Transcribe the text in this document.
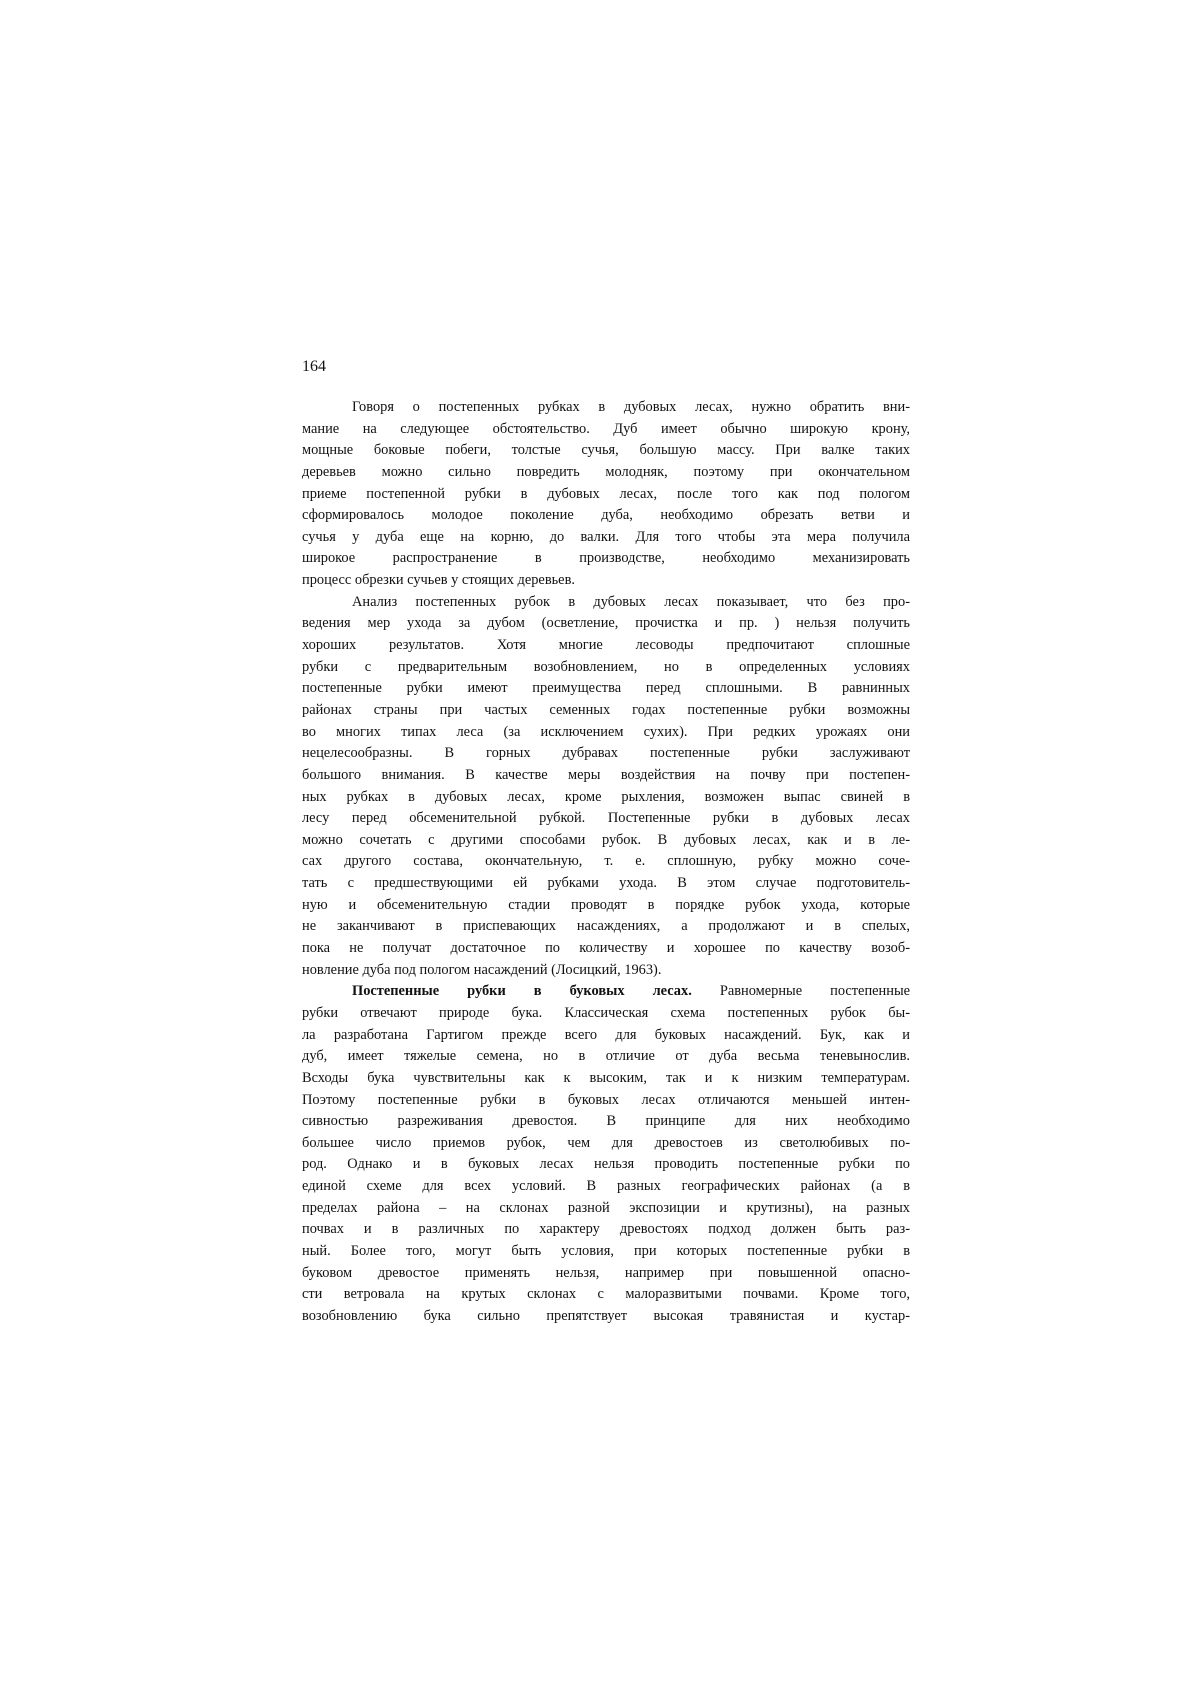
164
Говоря о постепенных рубках в дубовых лесах, нужно обратить вни-
мание на следующее обстоятельство. Дуб имеет обычно широкую крону,
мощные боковые побеги, толстые сучья, большую массу. При валке таких
деревьев можно сильно повредить молодняк, поэтому при окончательном
приеме постепенной рубки в дубовых лесах, после того как под пологом
сформировалось молодое поколение дуба, необходимо обрезать ветви и
сучья у дуба еще на корню, до валки. Для того чтобы эта мера получила
широкое распространение в производстве, необходимо механизировать
процесс обрезки сучьев у стоящих деревьев.
Анализ постепенных рубок в дубовых лесах показывает, что без про-
ведения мер ухода за дубом (осветление, прочистка и пр. ) нельзя получить
хороших результатов. Хотя многие лесоводы предпочитают сплошные
рубки с предварительным возобновлением, но в определенных условиях
постепенные рубки имеют преимущества перед сплошными. В равнинных
районах страны при частых семенных годах постепенные рубки возможны
во многих типах леса (за исключением сухих). При редких урожаях они
нецелесообразны. В горных дубравах постепенные рубки заслуживают
большого внимания. В качестве меры воздействия на почву при постепен-
ных рубках в дубовых лесах, кроме рыхления, возможен выпас свиней в
лесу перед обсеменительной рубкой. Постепенные рубки в дубовых лесах
можно сочетать с другими способами рубок. В дубовых лесах, как и в ле-
сах другого состава, окончательную, т. е. сплошную, рубку можно соче-
тать с предшествующими ей рубками ухода. В этом случае подготовитель-
ную и обсеменительную стадии проводят в порядке рубок ухода, которые
не заканчивают в приспевающих насаждениях, а продолжают и в спелых,
пока не получат достаточное по количеству и хорошее по качеству возоб-
новление дуба под пологом насаждений (Лосицкий, 1963).
Постепенные рубки в буковых лесах. Равномерные постепенные
рубки отвечают природе бука. Классическая схема постепенных рубок бы-
ла разработана Гартигом прежде всего для буковых насаждений. Бук, как и
дуб, имеет тяжелые семена, но в отличие от дуба весьма теневынослив.
Всходы бука чувствительны как к высоким, так и к низким температурам.
Поэтому постепенные рубки в буковых лесах отличаются меньшей интен-
сивностью разреживания древостоя. В принципе для них необходимо
большее число приемов рубок, чем для древостоев из светолюбивых по-
род. Однако и в буковых лесах нельзя проводить постепенные рубки по
единой схеме для всех условий. В разных географических районах (а в
пределах района – на склонах разной экспозиции и крутизны), на разных
почвах и в различных по характеру древостоях подход должен быть раз-
ный. Более того, могут быть условия, при которых постепенные рубки в
буковом древостое применять нельзя, например при повышенной опасно-
сти ветровала на крутых склонах с малоразвитыми почвами. Кроме того,
возобновлению бука сильно препятствует высокая травянистая и кустар-
